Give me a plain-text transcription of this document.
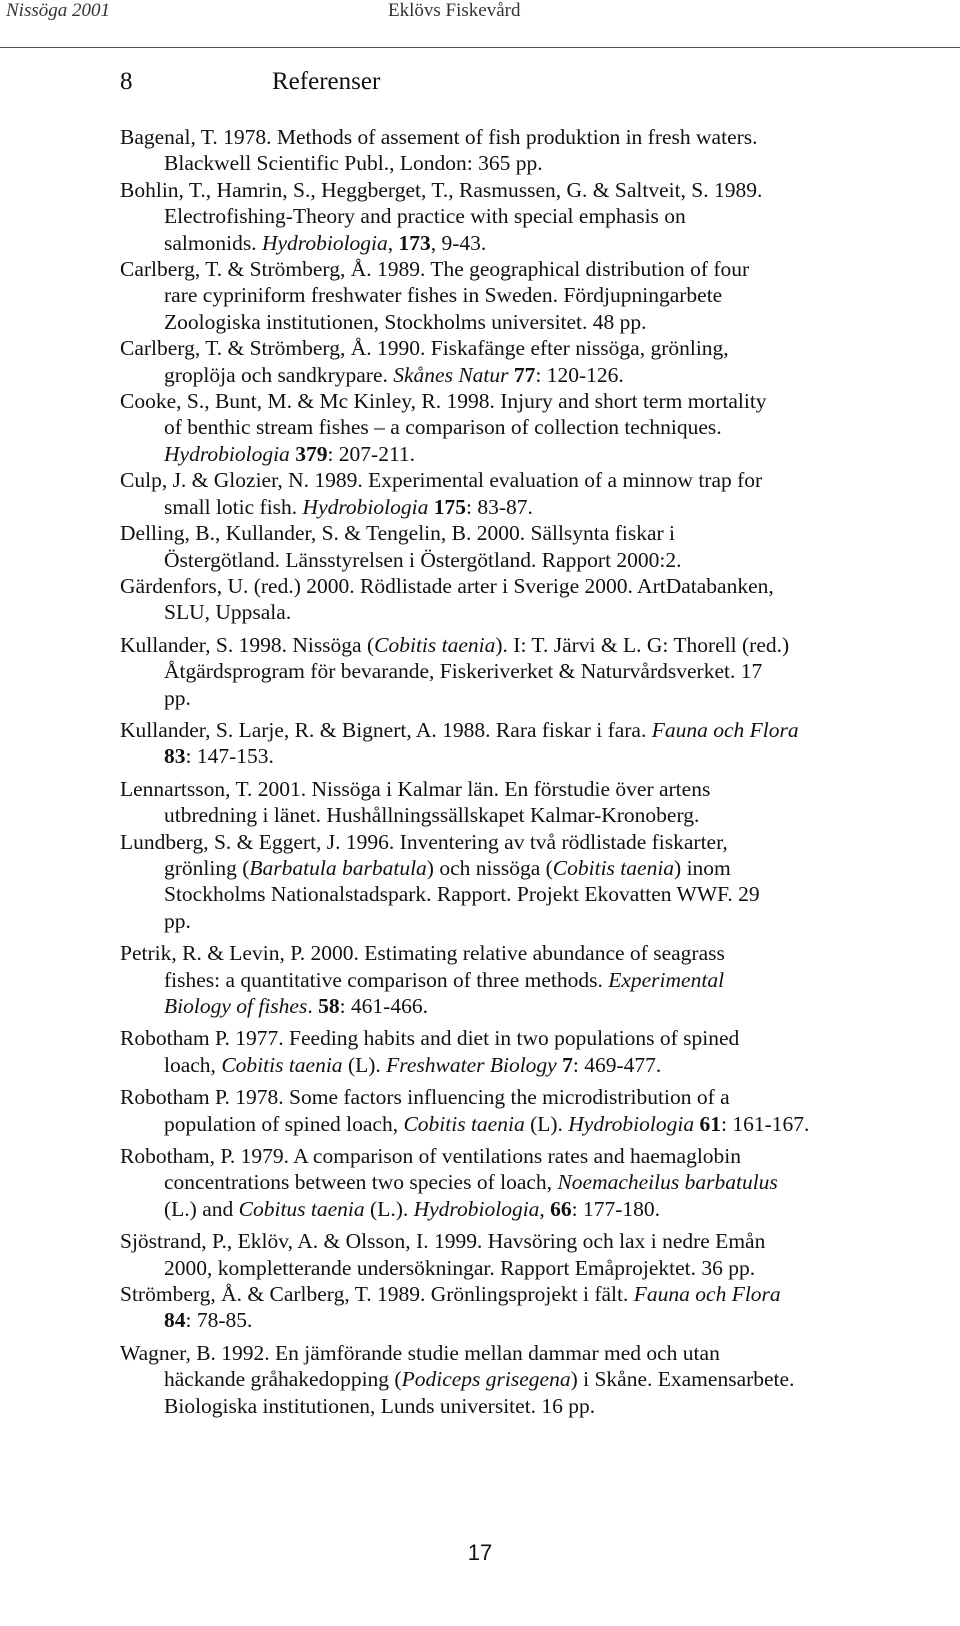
Nissöga 2001	Eklövs Fiskevård
8	Referenser
Bagenal, T. 1978. Methods of assement of fish produktion in fresh waters.
Blackwell Scientific Publ., London: 365 pp.
Bohlin, T., Hamrin, S., Heggberget, T., Rasmussen, G. & Saltveit, S. 1989.
Electrofishing-Theory and practice with special emphasis on
salmonids. Hydrobiologia, 173, 9-43.
Carlberg, T. & Strömberg, Å. 1989. The geographical distribution of four
rare cypriniform freshwater fishes in Sweden. Fördjupningarbete
Zoologiska institutionen, Stockholms universitet. 48 pp.
Carlberg, T. & Strömberg, Å. 1990. Fiskafänge efter nissöga, grönling,
groplöja och sandkrypare. Skånes Natur 77: 120-126.
Cooke, S., Bunt, M. & Mc Kinley, R. 1998. Injury and short term mortality
of benthic stream fishes – a comparison of collection techniques.
Hydrobiologia 379: 207-211.
Culp, J. & Glozier, N. 1989. Experimental evaluation of a minnow trap for
small lotic fish. Hydrobiologia 175: 83-87.
Delling, B., Kullander, S. & Tengelin, B. 2000. Sällsynta fiskar i
Östergötland. Länsstyrelsen i Östergötland. Rapport 2000:2.
Gärdenfors, U. (red.) 2000. Rödlistade arter i Sverige 2000. ArtDatabanken,
SLU, Uppsala.
Kullander, S. 1998. Nissöga (Cobitis taenia). I: T. Järvi & L. G: Thorell (red.)
Åtgärdsprogram för bevarande, Fiskeriverket & Naturvårdsverket. 17
pp.
Kullander, S. Larje, R. & Bignert, A. 1988. Rara fiskar i fara. Fauna och Flora
83: 147-153.
Lennartsson, T. 2001. Nissöga i Kalmar län. En förstudie över artens
utbredning i länet. Hushållningssällskapet Kalmar-Kronoberg.
Lundberg, S. & Eggert, J. 1996. Inventering av två rödlistade fiskarter,
grönling (Barbatula barbatula) och nissöga (Cobitis taenia) inom
Stockholms Nationalstadspark. Rapport. Projekt Ekovatten WWF. 29
pp.
Petrik, R. & Levin, P. 2000. Estimating relative abundance of seagrass
fishes: a quantitative comparison of three methods. Experimental
Biology of fishes. 58: 461-466.
Robotham P. 1977. Feeding habits and diet in two populations of spined
loach, Cobitis taenia (L). Freshwater Biology 7: 469-477.
Robotham P. 1978. Some factors influencing the microdistribution of a
population of spined loach, Cobitis taenia (L). Hydrobiologia 61: 161-167.
Robotham, P. 1979. A comparison of ventilations rates and haemaglobin
concentrations between two species of loach, Noemacheilus barbatulus
(L.) and Cobitus taenia (L.). Hydrobiologia, 66: 177-180.
Sjöstrand, P., Eklöv, A. & Olsson, I. 1999. Havsöring och lax i nedre Emån
2000, kompletterande undersökningar. Rapport Emåprojektet. 36 pp.
Strömberg, Å. & Carlberg, T. 1989. Grönlingsprojekt i fält. Fauna och Flora
84: 78-85.
Wagner, B. 1992. En jämförande studie mellan dammar med och utan
häckande gråhakedopping (Podiceps grisegena) i Skåne. Examensarbete.
Biologiska institutionen, Lunds universitet. 16 pp.
17
